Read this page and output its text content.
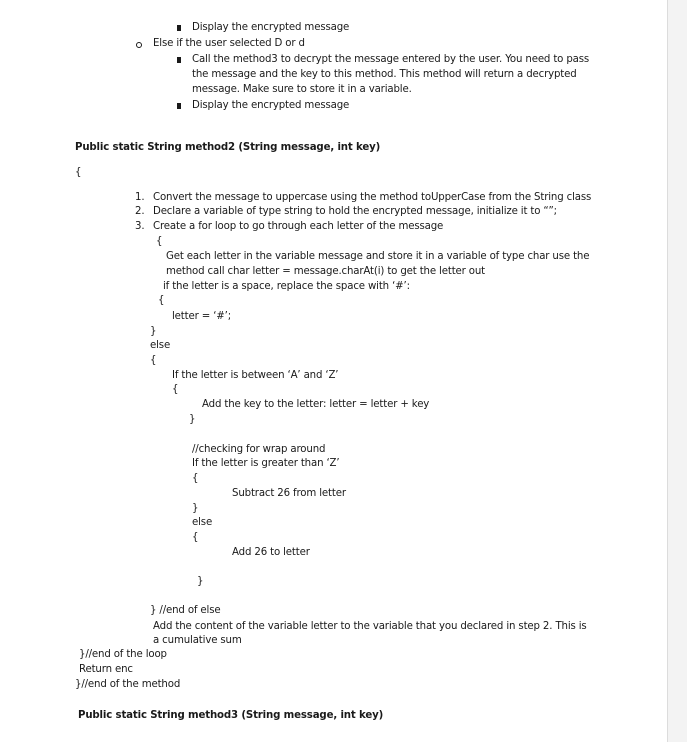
Display the encrypted message
Else if the user selected D or d
Call the method3 to decrypt the message entered by the user. You need to pass
the message and the key to this method. This method will return a decrypted
message. Make sure to store it in a variable.
Display the encrypted message
Public static String method2 (String message, int key)
{
1. Convert the message to uppercase using the method toUpperCase from the String class
2. Declare a variable of type string to hold the encrypted message, initialize it to “”;
3. Create a for loop to go through each letter of the message
{
Get each letter in the variable message and store it in a variable of type char use the
method call char letter = message.charAt(i) to get the letter out
if the letter is a space, replace the space with ‘#’:
{
letter = ‘#’;
}
else
{
If the letter is between ‘A’ and ‘Z’
{
Add the key to the letter: letter = letter + key
}
//checking for wrap around
If the letter is greater than ‘Z’
{
Subtract 26 from letter
}
else
{
Add 26 to letter
}
} //end of else
Add the content of the variable letter to the variable that you declared in step 2. This is
a cumulative sum
}//end of the loop
Return enc
}//end of the method
Public static String method3 (String message, int key)
